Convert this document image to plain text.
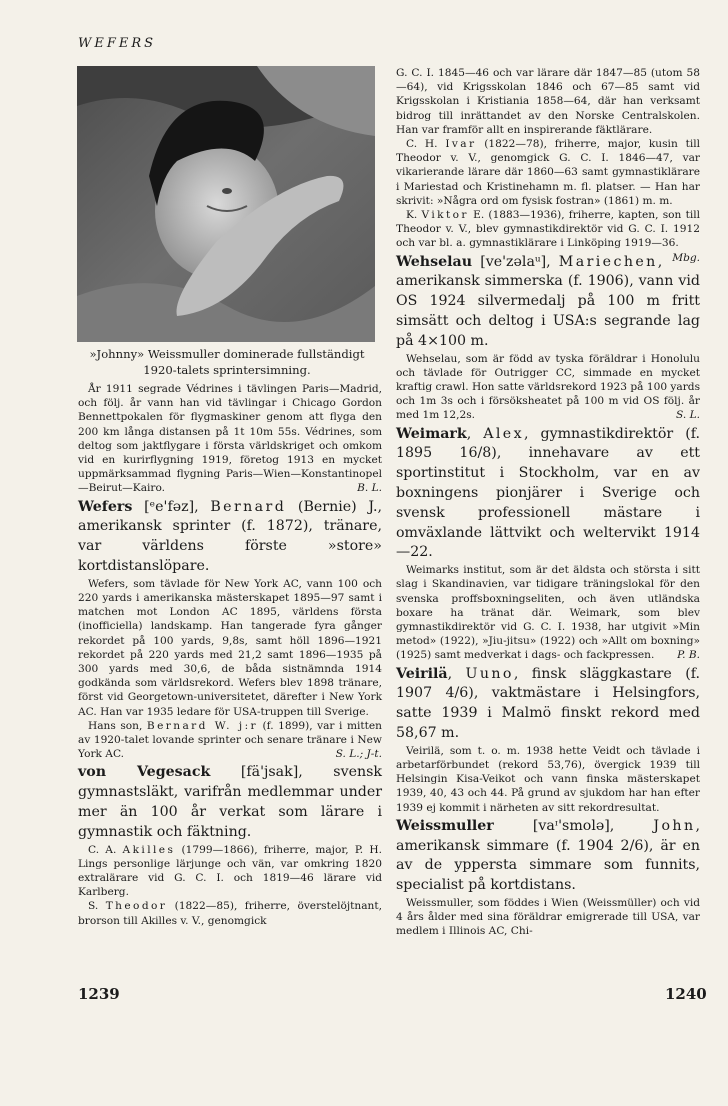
WEFERS
»Johnny» Weissmuller dominerade fullständigt 1920-talets sprintersimning.

År 1911 segrade Védrines i tävlingen Paris—Madrid, och följ. år vann han vid tävlingar i Chicago Gordon Bennettpokalen för flygmaskiner genom att flyga den 200 km långa distansen på 1t 10m 55s. Védrines, som deltog som jaktflygare i första världskriget och omkom vid en kurirflygning 1919, företog 1913 en mycket uppmärksammad flygning Paris—Wien—Konstantinopel—Beirut—Kairo.	B. L.

Wefers [ᵉe'fəz], Bernard (Bernie) J., amerikansk sprinter (f. 1872), tränare, var världens förste »store» kortdistanslöpare.

Wefers, som tävlade för New York AC, vann 100 och 220 yards i amerikanska mästerskapet 1895—97 samt i matchen mot London AC 1895, världens första (inofficiella) landskamp. Han tangerade fyra gånger rekordet på 100 yards, 9,8s, samt höll 1896—1921 rekordet på 220 yards med 21,2 samt 1896—1935 på 300 yards med 30,6, de båda sistnämnda 1914 godkända som världsrekord. Wefers blev 1898 tränare, först vid Georgetown-universitetet, därefter i New York AC. Han var 1935 ledare för USA-truppen till Sverige.

Hans son, Bernard W. j:r (f. 1899), var i mitten av 1920-talet lovande sprinter och senare tränare i New York AC.	S. L.; J-t.

von Vegesack [fä'jsak], svensk gymnastsläkt, varifrån medlemmar under mer än 100 år verkat som lärare i gymnastik och fäktning.

C. A. Akilles (1799—1866), friherre, major, P. H. Lings personlige lärjunge och vän, var omkring 1820 extralärare vid G. C. I. och 1819—46 lärare vid Karlberg.

S. Theodor (1822—85), friherre, överstelöjtnant, brorson till Akilles v. V., genomgick

G. C. I. 1845—46 och var lärare där 1847—85 (utom 58—64), vid Krigsskolan 1846 och 67—85 samt vid Krigsskolan i Kristiania 1858—64, där han verksamt bidrog till inrättandet av den Norske Centralskolen. Han var framför allt en inspirerande fäktlärare.

C. H. Ivar (1822—78), friherre, major, kusin till Theodor v. V., genomgick G. C. I. 1846—47, var vikarierande lärare där 1860—63 samt gymnastiklärare i Mariestad och Kristinehamn m. fl. platser. — Han har skrivit: »Några ord om fysisk fostran» (1861) m. m.

K. Viktor E. (1883—1936), friherre, kapten, son till Theodor v. V., blev gymnastikdirektör vid G. C. I. 1912 och var bl. a. gymnastiklärare i Linköping 1919—36.
Mbg.

Wehselau [ve'zəlaᵘ], Mariechen, amerikansk simmerska (f. 1906), vann vid OS 1924 silvermedalj på 100 m fritt simsätt och deltog i USA:s segrande lag på 4×100 m.

Wehselau, som är född av tyska föräldrar i Honolulu och tävlade för Outrigger CC, simmade en mycket kraftig crawl. Hon satte världsrekord 1923 på 100 yards och 1m 3s och i försöksheatet på 100 m vid OS följ. år med 1m 12,2s.	S. L.

Weimark, Alex, gymnastikdirektör (f. 1895 16/8), innehavare av ett sportinstitut i Stockholm, var en av boxningens pionjärer i Sverige och svensk professionell mästare i omväxlande lättvikt och weltervikt 1914—22.

Weimarks institut, som är det äldsta och största i sitt slag i Skandinavien, var tidigare träningslokal för den svenska proffsboxningseliten, och även utländska boxare ha tränat där. Weimark, som blev gymnastikdirektör vid G. C. I. 1938, har utgivit »Min metod» (1922), »Jiu-jitsu» (1922) och »Allt om boxning» (1925) samt medverkat i dags- och fackpressen.	P. B.

Veirilä, Uuno, finsk släggkastare (f. 1907 4/6), vaktmästare i Helsingfors, satte 1939 i Malmö finskt rekord med 58,67 m.

Veirilä, som t. o. m. 1938 hette Veidt och tävlade i arbetarförbundet (rekord 53,76), övergick 1939 till Helsingin Kisa-Veikot och vann finska mästerskapet 1939, 40, 43 och 44. På grund av sjukdom har han efter 1939 ej kommit i närheten av sitt rekordresultat.

Weissmuller [vaᶦ'smolə], John, amerikansk simmare (f. 1904 2/6), är en av de yppersta simmare som funnits, specialist på kortdistans.

Weissmuller, som föddes i Wien (Weissmüller) och vid 4 års ålder med sina föräldrar emigrerade till USA, var medlem i Illinois AC, Chi-

1239	1240
